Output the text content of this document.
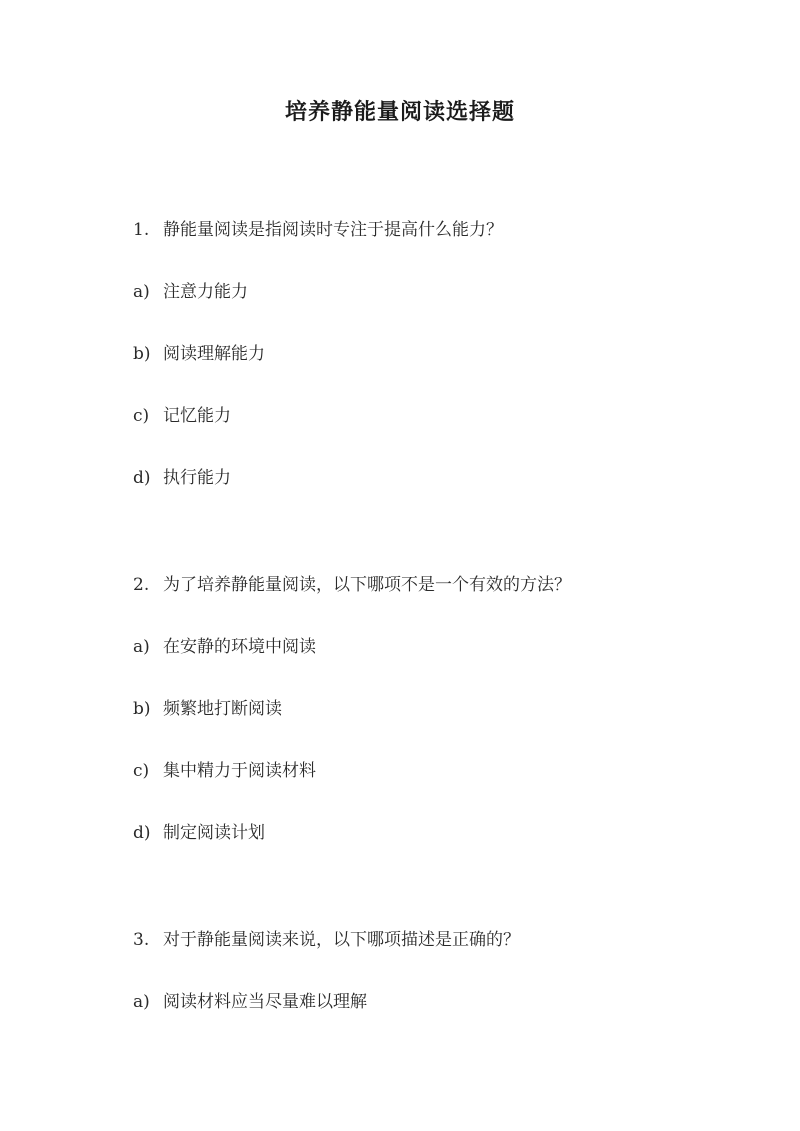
培养静能量阅读选择题
1. 静能量阅读是指阅读时专注于提高什么能力？
a) 注意力能力
b) 阅读理解能力
c) 记忆能力
d) 执行能力
2. 为了培养静能量阅读，以下哪项不是一个有效的方法？
a) 在安静的环境中阅读
b) 频繁地打断阅读
c) 集中精力于阅读材料
d) 制定阅读计划
3. 对于静能量阅读来说，以下哪项描述是正确的？
a) 阅读材料应当尽量难以理解
